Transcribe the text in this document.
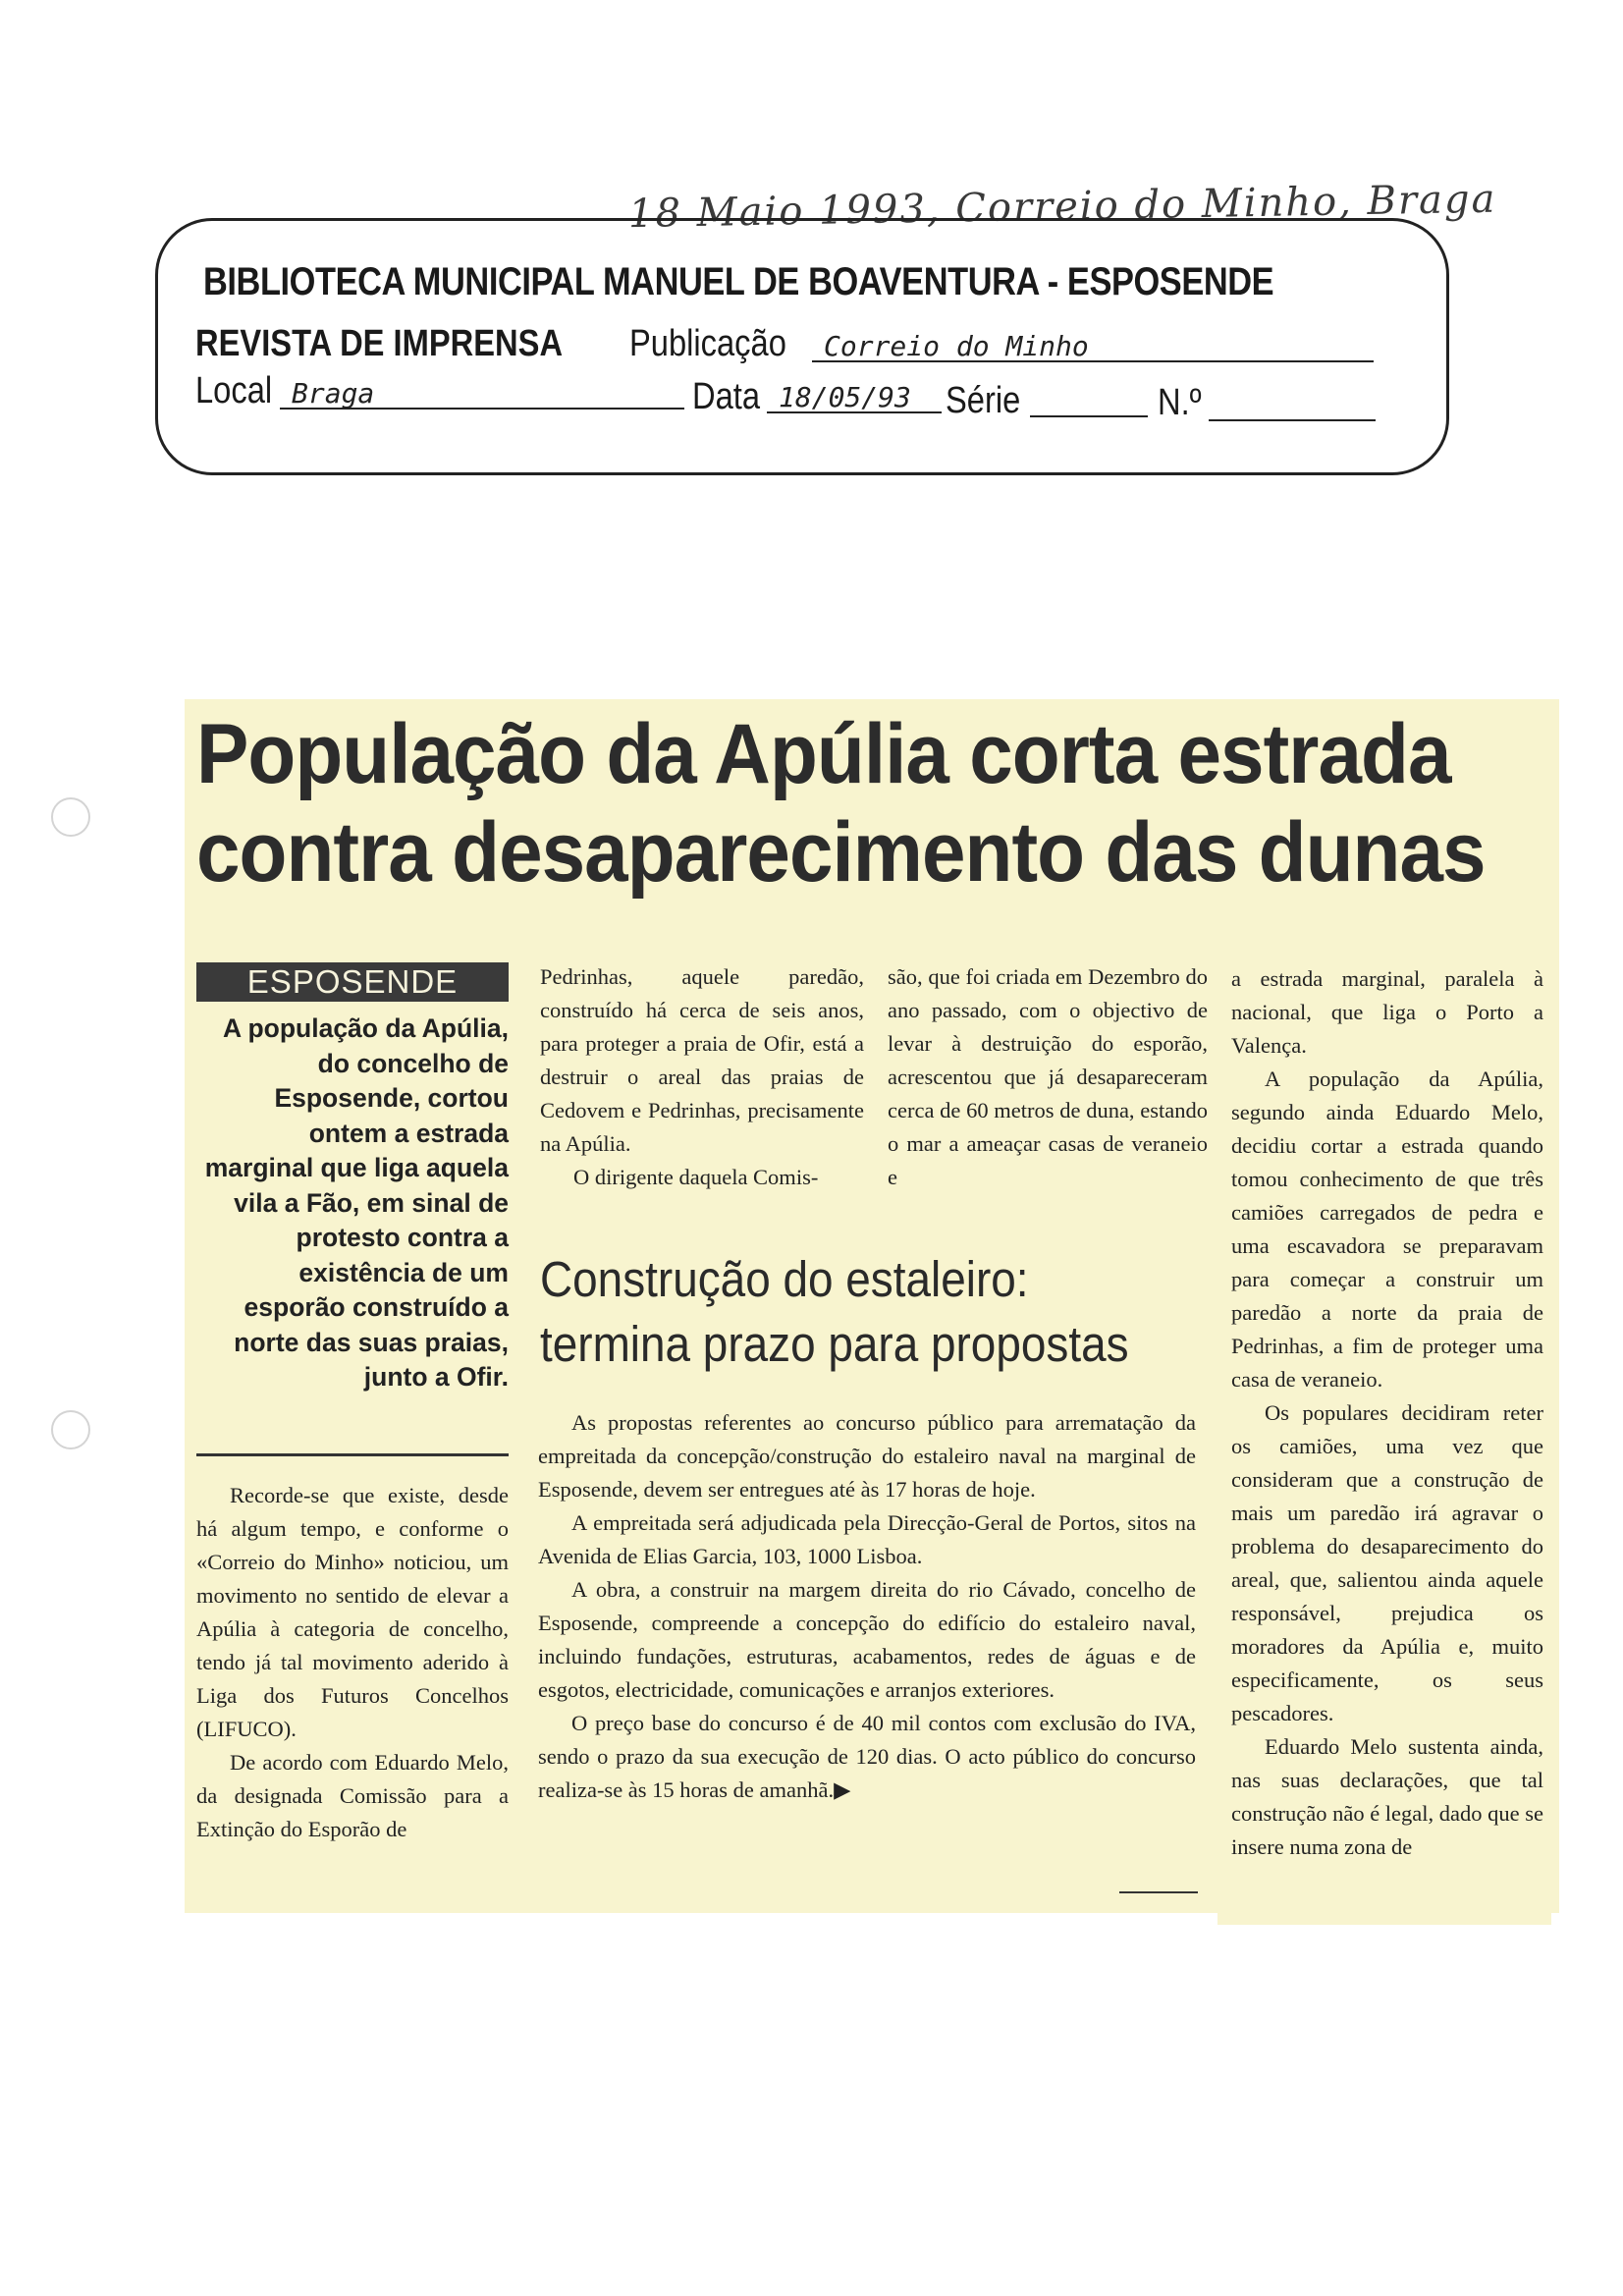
18 Maio 1993, Correio do Minho, Braga
BIBLIOTECA MUNICIPAL MANUEL DE BOAVENTURA - ESPOSENDE
REVISTA DE IMPRENSA	Publicação	Correio do Minho
Local Braga	Data 18/05/93 Série	N.º
População da Apúlia corta estrada
contra desaparecimento das dunas
ESPOSENDE
A população da Apúlia, do concelho de Esposende, cortou ontem a estrada marginal que liga aquela vila a Fão, em sinal de protesto contra a existência de um esporão construído a norte das suas praias, junto a Ofir.

Recorde-se que existe, desde há algum tempo, e conforme o «Correio do Minho» noticiou, um movimento no sentido de elevar a Apúlia à categoria de concelho, tendo já tal movimento aderido à Liga dos Futuros Concelhos (LIFUCO).

De acordo com Eduardo Melo, da designada Comissão para a Extinção do Esporão de

Pedrinhas, aquele paredão, construído há cerca de seis anos, para proteger a praia de Ofir, está a destruir o areal das praias de Cedovem e Pedrinhas, precisamente na Apúlia.

O dirigente daquela Comis-

são, que foi criada em Dezembro do ano passado, com o objectivo de levar à destruição do esporão, acrescentou que já desapareceram cerca de 60 metros de duna, estando o mar a ameaçar casas de veraneio e

Construção do estaleiro:
termina prazo para propostas

As propostas referentes ao concurso público para arrematação da empreitada da concepção/construção do estaleiro naval na marginal de Esposende, devem ser entregues até às 17 horas de hoje.

A empreitada será adjudicada pela Direcção-Geral de Portos, sitos na Avenida de Elias Garcia, 103, 1000 Lisboa.

A obra, a construir na margem direita do rio Cávado, concelho de Esposende, compreende a concepção do edifício do estaleiro naval, incluindo fundações, estruturas, acabamentos, redes de águas e de esgotos, electricidade, comunicações e arranjos exteriores.

O preço base do concurso é de 40 mil contos com exclusão do IVA, sendo o prazo da sua execução de 120 dias. O acto público do concurso realiza-se às 15 horas de amanhã.▶

a estrada marginal, paralela à nacional, que liga o Porto a Valença.

A população da Apúlia, segundo ainda Eduardo Melo, decidiu cortar a estrada quando tomou conhecimento de que três camiões carregados de pedra e uma escavadora se preparavam para começar a construir um paredão a norte da praia de Pedrinhas, a fim de proteger uma casa de veraneio.

Os populares decidiram reter os camiões, uma vez que consideram que a construção de mais um paredão irá agravar o problema do desaparecimento do areal, que, salientou ainda aquele responsável, prejudica os moradores da Apúlia e, muito especificamente, os seus pescadores.

Eduardo Melo sustenta ainda, nas suas declarações, que tal construção não é legal, dado que se insere numa zona de
